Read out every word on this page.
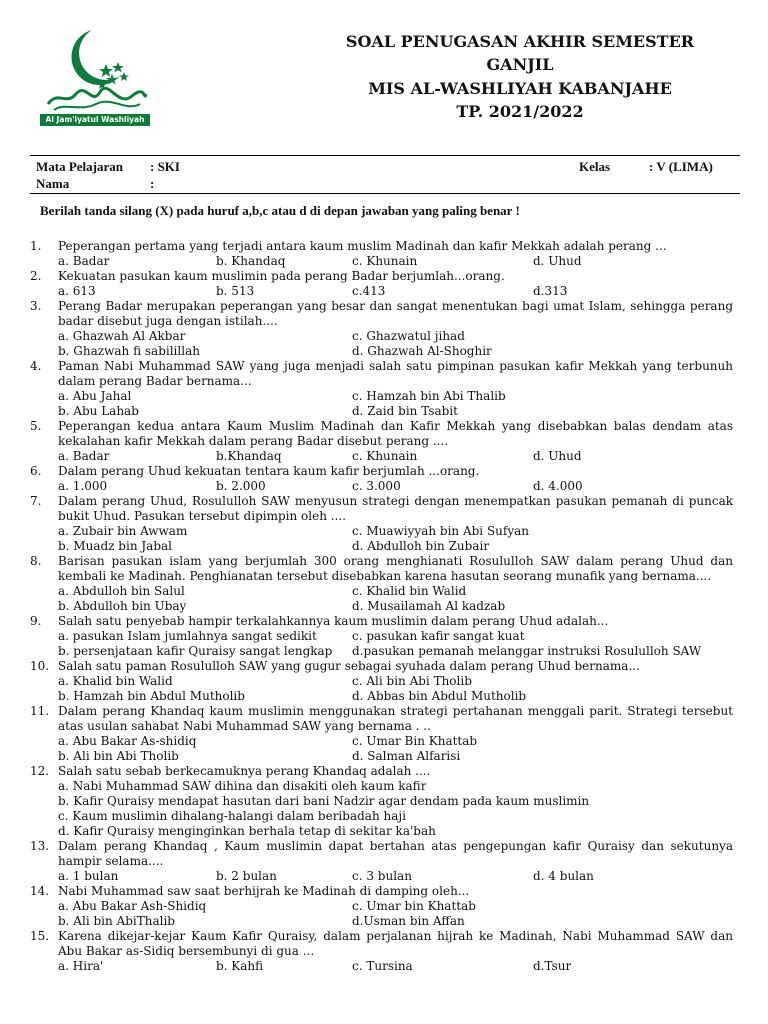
Al Jam'iyatul Washliyah
SOAL PENUGASAN AKHIR SEMESTER
GANJIL
MIS AL-WASHLIYAH KABANJAHE
TP. 2021/2022
Mata Pelajaran : SKI	Kelas	: V (LIMA)
Nama	:
Berilah tanda silang (X) pada huruf a,b,c atau d di depan jawaban yang paling benar !
1.	Peperangan pertama yang terjadi antara kaum muslim Madinah dan kafir Mekkah adalah perang ...
a. Badar	b. Khandaq	c. Khunain	d. Uhud
2.	Kekuatan pasukan kaum muslimin pada perang Badar berjumlah...orang.
a. 613	b. 513	c.413	d.313
3.	Perang Badar merupakan peperangan yang besar dan sangat menentukan bagi umat Islam, sehingga perang badar disebut juga dengan istilah....
a. Ghazwah Al Akbar	c. Ghazwatul jihad
b. Ghazwah fi sabilillah	d. Ghazwah Al-Shoghir
4.	Paman Nabi Muhammad SAW yang juga menjadi salah satu pimpinan pasukan kafir Mekkah yang terbunuh dalam perang Badar bernama...
a. Abu Jahal	c. Hamzah bin Abi Thalib
b. Abu Lahab	d. Zaid bin Tsabit
5.	Peperangan kedua antara Kaum Muslim Madinah dan Kafir Mekkah yang disebabkan balas dendam atas kekalahan kafir Mekkah dalam perang Badar disebut perang ....
a. Badar	b.Khandaq	c. Khunain	d. Uhud
6.	Dalam perang Uhud kekuatan tentara kaum kafir berjumlah ...orang.
a. 1.000	b. 2.000	c. 3.000	d. 4.000
7.	Dalam perang Uhud, Rosululloh SAW menyusun strategi dengan menempatkan pasukan pemanah di puncak bukit Uhud. Pasukan tersebut dipimpin oleh ....
a. Zubair bin Awwam	c. Muawiyyah bin Abi Sufyan
b. Muadz bin Jabal	d. Abdulloh bin Zubair
8.	Barisan pasukan islam yang berjumlah 300 orang menghianati Rosululloh SAW dalam perang Uhud dan kembali ke Madinah. Penghianatan tersebut disebabkan karena hasutan seorang munafik yang bernama....
a. Abdulloh bin Salul	c. Khalid bin Walid
b. Abdulloh bin Ubay	d. Musailamah Al kadzab
9.	Salah satu penyebab hampir terkalahkannya kaum muslimin dalam perang Uhud adalah...
a. pasukan Islam jumlahnya sangat sedikit	c. pasukan kafir sangat kuat
b. persenjataan kafir Quraisy sangat lengkap	d.pasukan pemanah melanggar instruksi Rosululloh SAW
10. Salah satu paman Rosululloh SAW yang gugur sebagai syuhada dalam perang Uhud bernama...
a. Khalid bin Walid	c. Ali bin Abi Tholib
b. Hamzah bin Abdul Mutholib	d. Abbas bin Abdul Mutholib
11. Dalam perang Khandaq kaum muslimin menggunakan strategi pertahanan menggali parit. Strategi tersebut atas usulan sahabat Nabi Muhammad SAW yang bernama . ..
a. Abu Bakar As-shidiq	c. Umar Bin Khattab
b. Ali bin Abi Tholib	d. Salman Alfarisi
12. Salah satu sebab berkecamuknya perang Khandaq adalah ....
a. Nabi Muhammad SAW dihina dan disakiti oleh kaum kafir
b. Kafir Quraisy mendapat hasutan dari bani Nadzir agar dendam pada kaum muslimin
c. Kaum muslimin dihalang-halangi dalam beribadah haji
d. Kafir Quraisy menginginkan berhala tetap di sekitar ka'bah
13. Dalam perang Khandaq , Kaum muslimin dapat bertahan atas pengepungan kafir Quraisy dan sekutunya hampir selama....
a. 1 bulan	b. 2 bulan	c. 3 bulan	d. 4 bulan
14. Nabi Muhammad saw saat berhijrah ke Madinah di damping oleh...
a. Abu Bakar Ash-Shidiq	c. Umar bin Khattab
b. Ali bin AbiThalib	d.Usman bin Affan
15. Karena dikejar-kejar Kaum Kafir Quraisy, dalam perjalanan hijrah ke Madinah, Nabi Muhammad SAW dan Abu Bakar as-Sidiq bersembunyi di gua ...
a. Hira'	b. Kahfi	c. Tursina	d.Tsur
